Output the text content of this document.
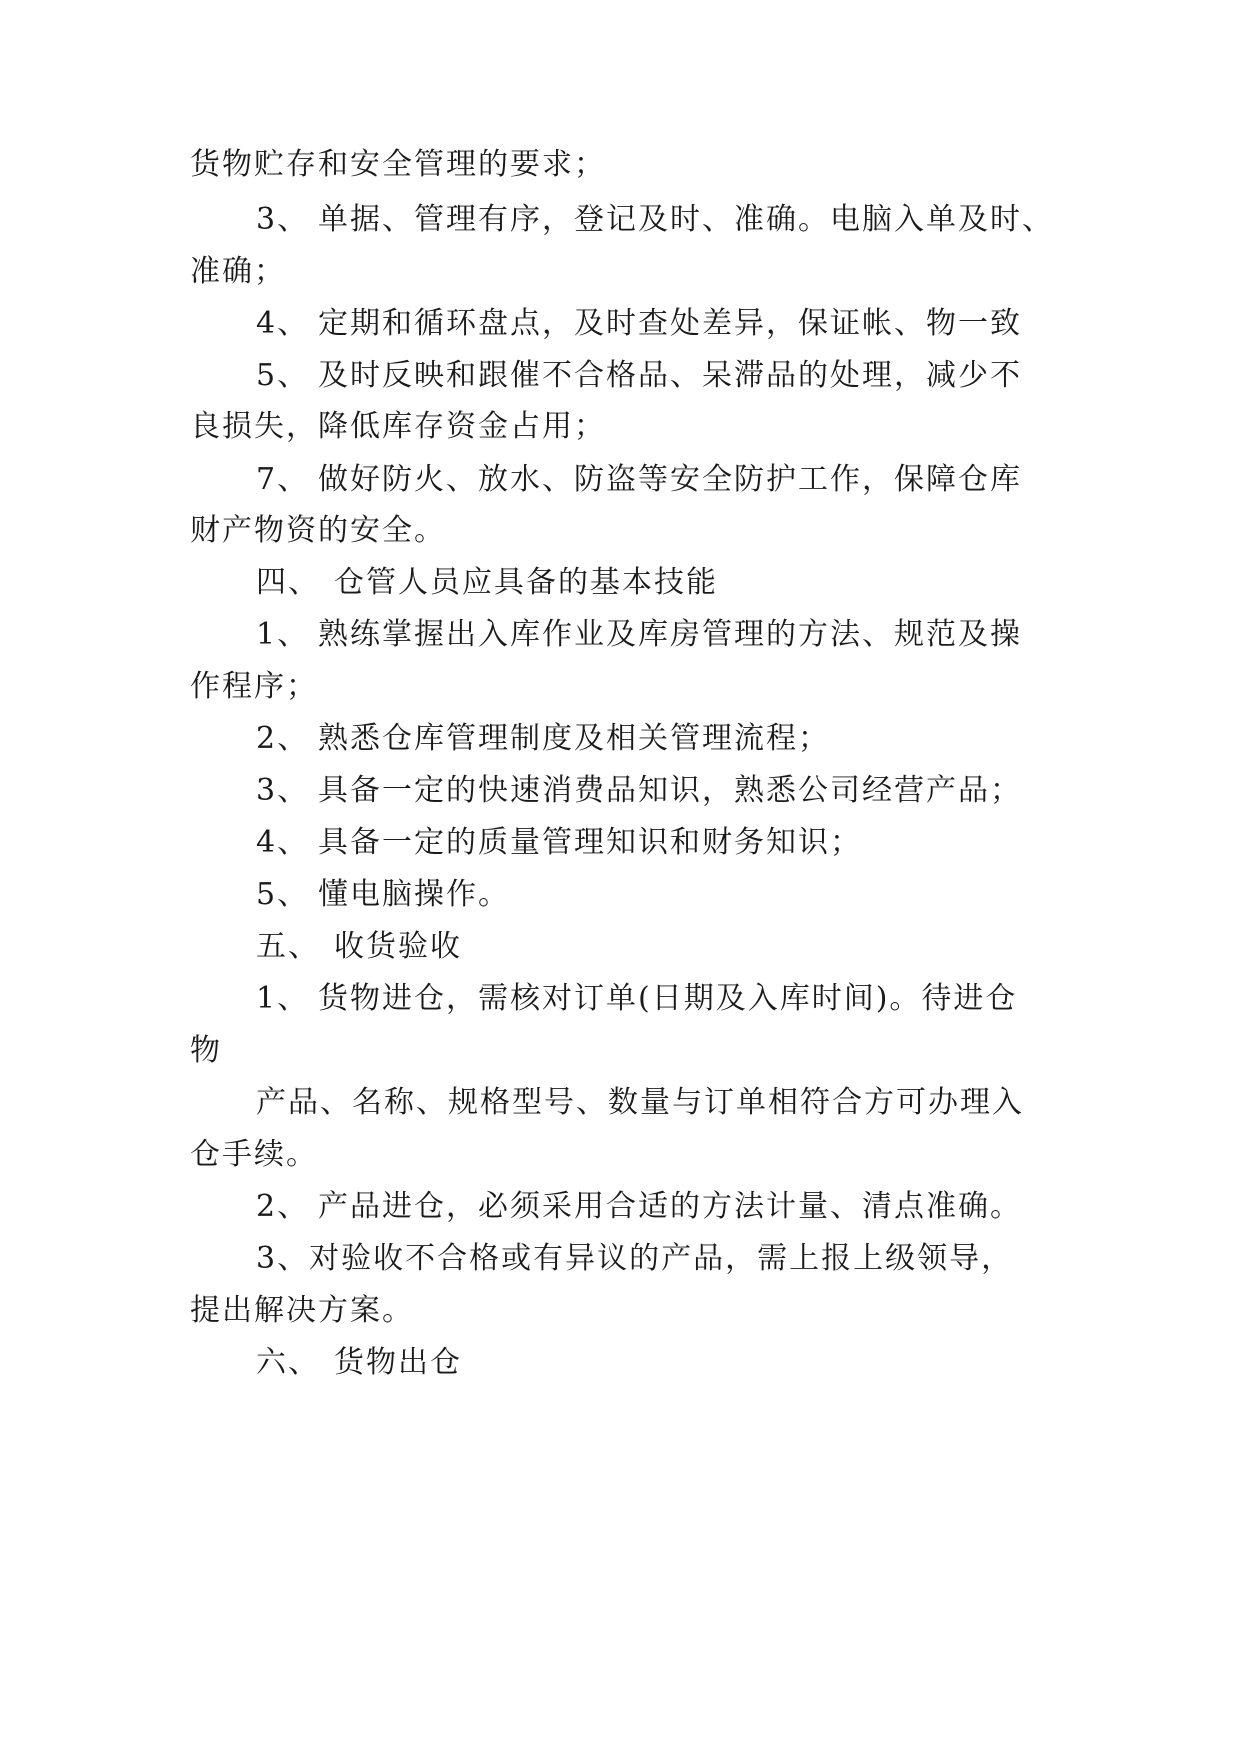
货物贮存和安全管理的要求；
3、 单据、管理有序，登记及时、准确。电脑入单及时、
准确；
4、 定期和循环盘点，及时查处差异，保证帐、物一致
5、 及时反映和跟催不合格品、呆滞品的处理，减少不
良损失，降低库存资金占用；
7、 做好防火、放水、防盗等安全防护工作，保障仓库
财产物资的安全。
四、 仓管人员应具备的基本技能
1、 熟练掌握出入库作业及库房管理的方法、规范及操
作程序；
2、 熟悉仓库管理制度及相关管理流程；
3、 具备一定的快速消费品知识，熟悉公司经营产品；
4、 具备一定的质量管理知识和财务知识；
5、 懂电脑操作。
五、 收货验收
1、 货物进仓，需核对订单(日期及入库时间)。待进仓
物
产品、名称、规格型号、数量与订单相符合方可办理入
仓手续。
2、 产品进仓，必须采用合适的方法计量、清点准确。
3、对验收不合格或有异议的产品，需上报上级领导，
提出解决方案。
六、 货物出仓
